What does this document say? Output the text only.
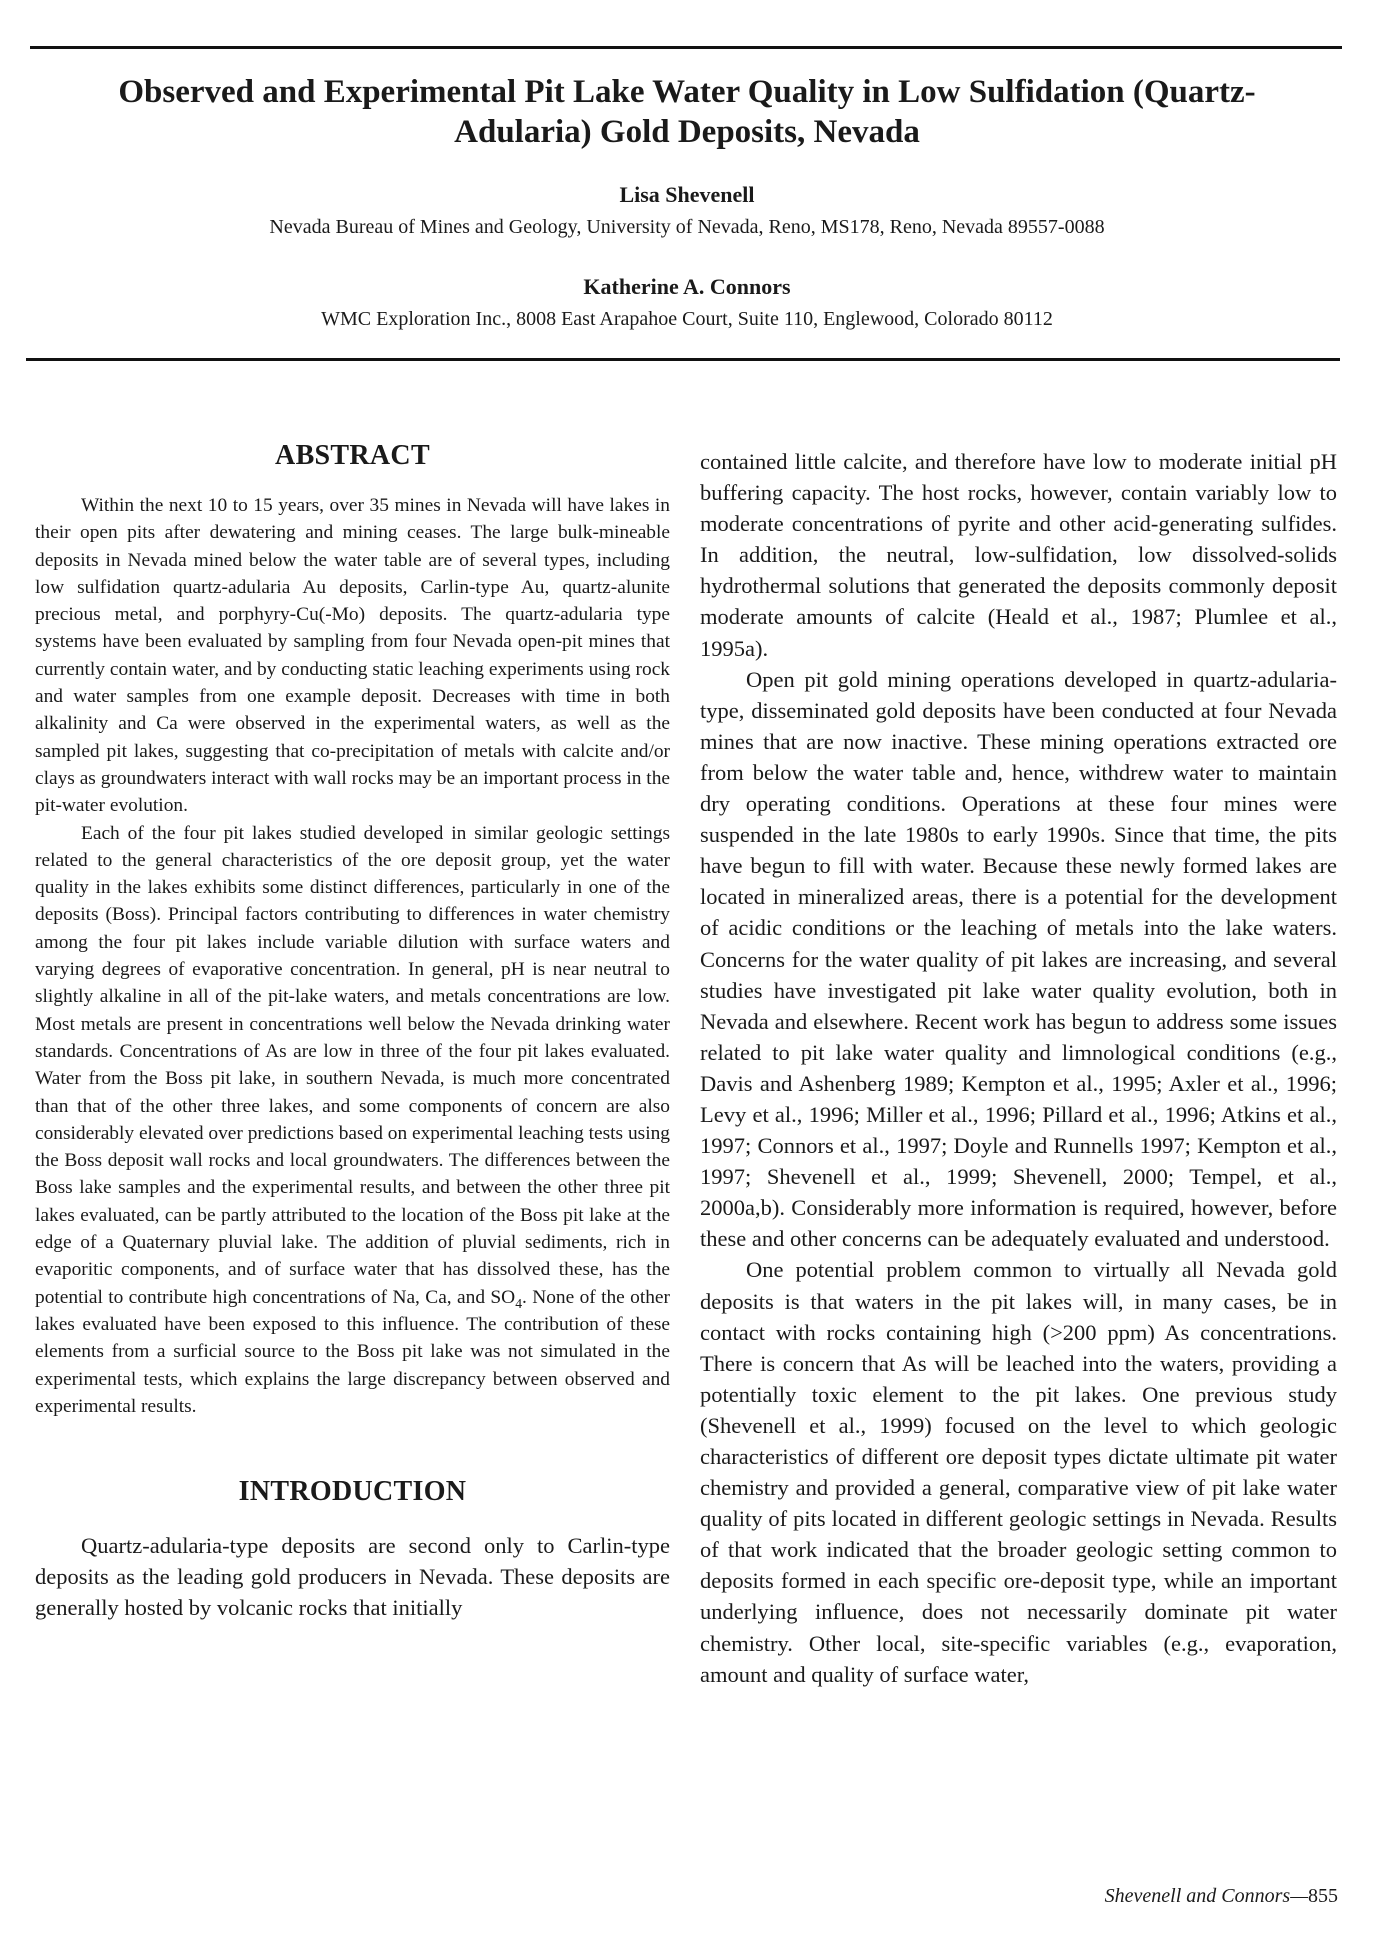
Observed and Experimental Pit Lake Water Quality in Low Sulfidation (Quartz-Adularia) Gold Deposits, Nevada

Lisa Shevenell

Nevada Bureau of Mines and Geology, University of Nevada, Reno, MS178, Reno, Nevada 89557-0088

Katherine A. Connors

WMC Exploration Inc., 8008 East Arapahoe Court, Suite 110, Englewood, Colorado 80112

ABSTRACT

Within the next 10 to 15 years, over 35 mines in Nevada will have lakes in their open pits after dewatering and mining ceases. The large bulk-mineable deposits in Nevada mined below the water table are of several types, including low sulfidation quartz-adularia Au deposits, Carlin-type Au, quartz-alunite precious metal, and porphyry-Cu(-Mo) deposits. The quartz-adularia type systems have been evaluated by sampling from four Nevada open-pit mines that currently contain water, and by conducting static leaching experiments using rock and water samples from one example deposit. Decreases with time in both alkalinity and Ca were observed in the experimental waters, as well as the sampled pit lakes, suggesting that co-precipitation of metals with calcite and/or clays as groundwaters interact with wall rocks may be an important process in the pit-water evolution.

Each of the four pit lakes studied developed in similar geologic settings related to the general characteristics of the ore deposit group, yet the water quality in the lakes exhibits some distinct differences, particularly in one of the deposits (Boss). Principal factors contributing to differences in water chemistry among the four pit lakes include variable dilution with surface waters and varying degrees of evaporative concentration. In general, pH is near neutral to slightly alkaline in all of the pit-lake waters, and metals concentrations are low. Most metals are present in concentrations well below the Nevada drinking water standards. Concentrations of As are low in three of the four pit lakes evaluated. Water from the Boss pit lake, in southern Nevada, is much more concentrated than that of the other three lakes, and some components of concern are also considerably elevated over predictions based on experimental leaching tests using the Boss deposit wall rocks and local groundwaters. The differences between the Boss lake samples and the experimental results, and between the other three pit lakes evaluated, can be partly attributed to the location of the Boss pit lake at the edge of a Quaternary pluvial lake. The addition of pluvial sediments, rich in evaporitic components, and of surface water that has dissolved these, has the potential to contribute high concentrations of Na, Ca, and $SO_4$. None of the other lakes evaluated have been exposed to this influence. The contribution of these elements from a surficial source to the Boss pit lake was not simulated in the experimental tests, which explains the large discrepancy between observed and experimental results.

INTRODUCTION

Quartz-adularia-type deposits are second only to Carlin-type deposits as the leading gold producers in Nevada. These deposits are generally hosted by volcanic rocks that initially

contained little calcite, and therefore have low to moderate initial pH buffering capacity. The host rocks, however, contain variably low to moderate concentrations of pyrite and other acid-generating sulfides. In addition, the neutral, low-sulfidation, low dissolved-solids hydrothermal solutions that generated the deposits commonly deposit moderate amounts of calcite (Heald et al., 1987; Plumlee et al., 1995a).

Open pit gold mining operations developed in quartz-adularia-type, disseminated gold deposits have been conducted at four Nevada mines that are now inactive. These mining operations extracted ore from below the water table and, hence, withdrew water to maintain dry operating conditions. Operations at these four mines were suspended in the late 1980s to early 1990s. Since that time, the pits have begun to fill with water. Because these newly formed lakes are located in mineralized areas, there is a potential for the development of acidic conditions or the leaching of metals into the lake waters. Concerns for the water quality of pit lakes are increasing, and several studies have investigated pit lake water quality evolution, both in Nevada and elsewhere. Recent work has begun to address some issues related to pit lake water quality and limnological conditions (e.g., Davis and Ashenberg 1989; Kempton et al., 1995; Axler et al., 1996; Levy et al., 1996; Miller et al., 1996; Pillard et al., 1996; Atkins et al., 1997; Connors et al., 1997; Doyle and Runnells 1997; Kempton et al., 1997; Shevenell et al., 1999; Shevenell, 2000; Tempel, et al., 2000a,b). Considerably more information is required, however, before these and other concerns can be adequately evaluated and understood.

One potential problem common to virtually all Nevada gold deposits is that waters in the pit lakes will, in many cases, be in contact with rocks containing high (>200 ppm) As concentrations. There is concern that As will be leached into the waters, providing a potentially toxic element to the pit lakes. One previous study (Shevenell et al., 1999) focused on the level to which geologic characteristics of different ore deposit types dictate ultimate pit water chemistry and provided a general, comparative view of pit lake water quality of pits located in different geologic settings in Nevada. Results of that work indicated that the broader geologic setting common to deposits formed in each specific ore-deposit type, while an important underlying influence, does not necessarily dominate pit water chemistry. Other local, site-specific variables (e.g., evaporation, amount and quality of surface water,

Shevenell and Connors—855
